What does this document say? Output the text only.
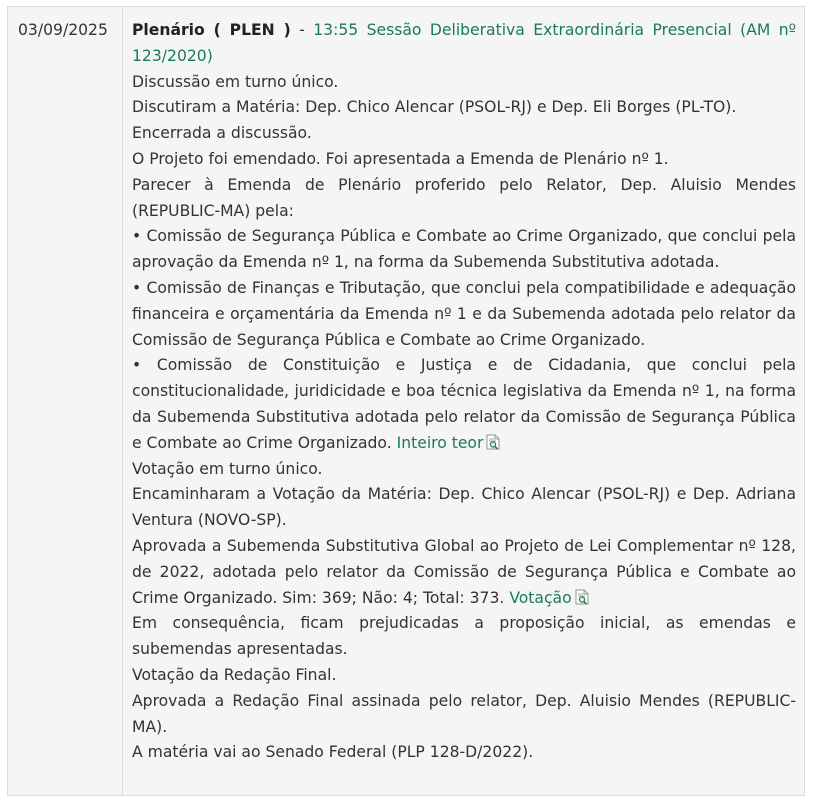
03/09/2025	Plenário ( PLEN ) - 13:55 Sessão Deliberativa Extraordinária Presencial (AM nº 123/2020)
Discussão em turno único.
Discutiram a Matéria: Dep. Chico Alencar (PSOL-RJ) e Dep. Eli Borges (PL-TO).
Encerrada a discussão.
O Projeto foi emendado. Foi apresentada a Emenda de Plenário nº 1.
Parecer à Emenda de Plenário proferido pelo Relator, Dep. Aluisio Mendes (REPUBLIC-MA) pela:
• Comissão de Segurança Pública e Combate ao Crime Organizado, que conclui pela aprovação da Emenda nº 1, na forma da Subemenda Substitutiva adotada.
• Comissão de Finanças e Tributação, que conclui pela compatibilidade e adequação financeira e orçamentária da Emenda nº 1 e da Subemenda adotada pelo relator da Comissão de Segurança Pública e Combate ao Crime Organizado.
• Comissão de Constituição e Justiça e de Cidadania, que conclui pela constitucionalidade, juridicidade e boa técnica legislativa da Emenda nº 1, na forma da Subemenda Substitutiva adotada pelo relator da Comissão de Segurança Pública e Combate ao Crime Organizado. Inteiro teor
Votação em turno único.
Encaminharam a Votação da Matéria: Dep. Chico Alencar (PSOL-RJ) e Dep. Adriana Ventura (NOVO-SP).
Aprovada a Subemenda Substitutiva Global ao Projeto de Lei Complementar nº 128, de 2022, adotada pelo relator da Comissão de Segurança Pública e Combate ao Crime Organizado. Sim: 369; Não: 4; Total: 373. Votação
Em consequência, ficam prejudicadas a proposição inicial, as emendas e subemendas apresentadas.
Votação da Redação Final.
Aprovada a Redação Final assinada pelo relator, Dep. Aluisio Mendes (REPUBLIC-MA).
A matéria vai ao Senado Federal (PLP 128-D/2022).
